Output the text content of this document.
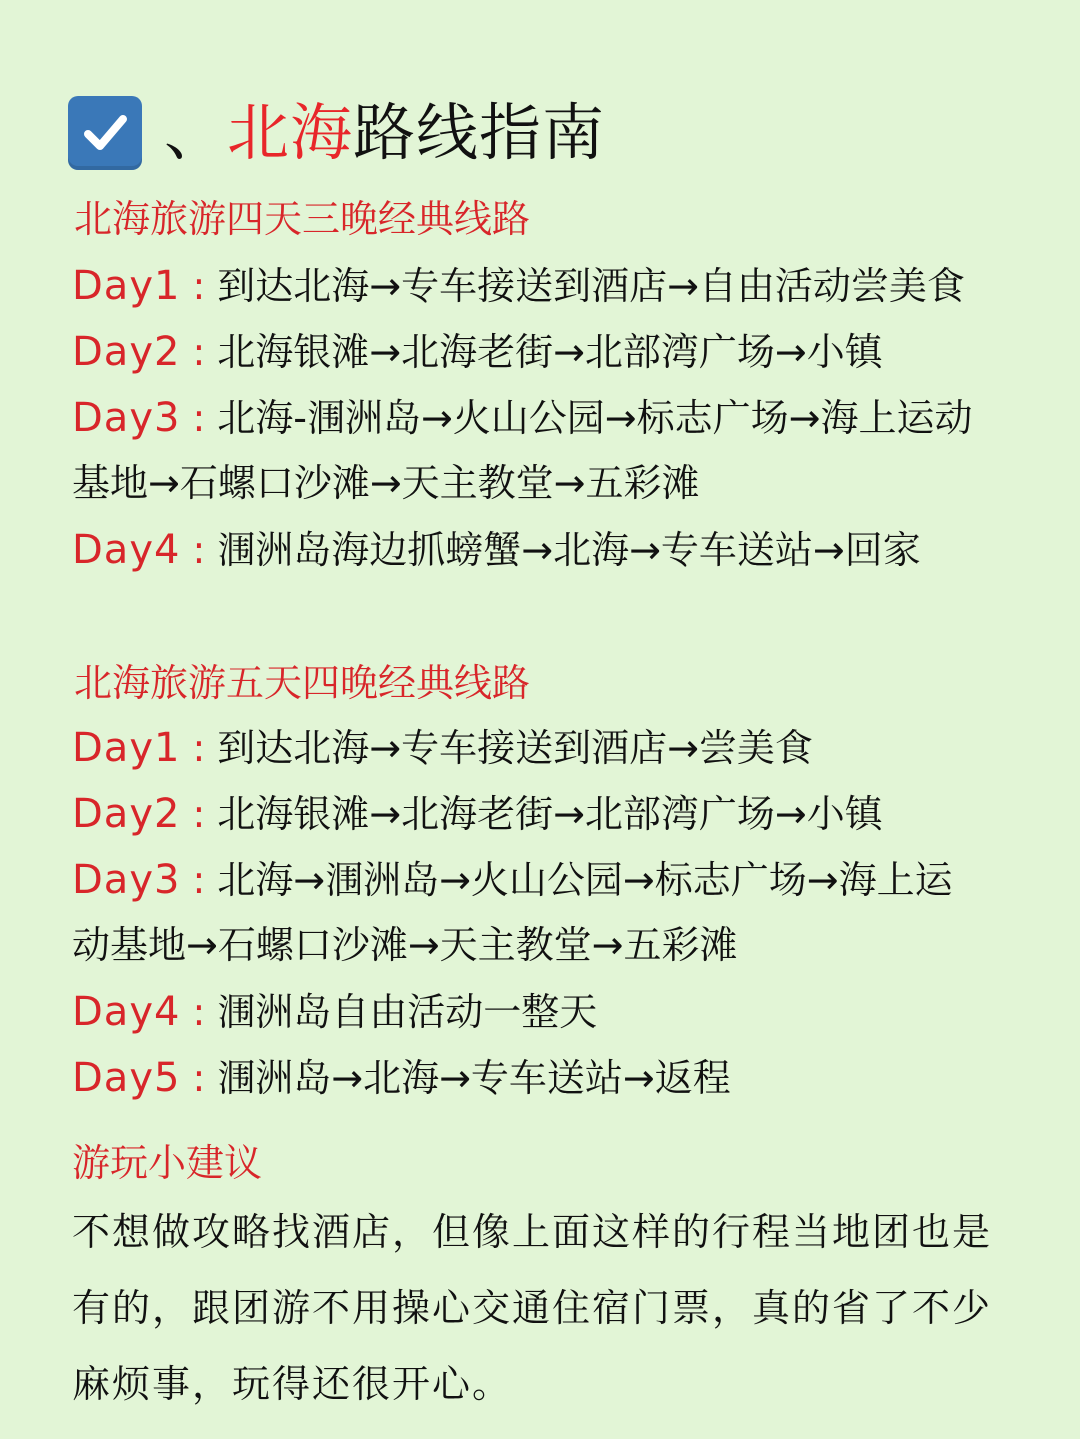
、北海路线指南
北海旅游四天三晚经典线路
Day1 : 到达北海→专车接送到酒店→自由活动尝美食
Day2 : 北海银滩→北海老街→北部湾广场→小镇
Day3 : 北海-涠洲岛→火山公园→标志广场→海上运动
基地→石螺口沙滩→天主教堂→五彩滩
Day4 : 涠洲岛海边抓螃蟹→北海→专车送站→回家
北海旅游五天四晚经典线路
Day1 : 到达北海→专车接送到酒店→尝美食
Day2 : 北海银滩→北海老街→北部湾广场→小镇
Day3 : 北海→涠洲岛→火山公园→标志广场→海上运
动基地→石螺口沙滩→天主教堂→五彩滩
Day4 : 涠洲岛自由活动一整天
Day5 : 涠洲岛→北海→专车送站→返程
游玩小建议
不想做攻略找酒店，但像上面这样的行程当地团也是有的，跟团游不用操心交通住宿门票，真的省了不少麻烦事，玩得还很开心。
